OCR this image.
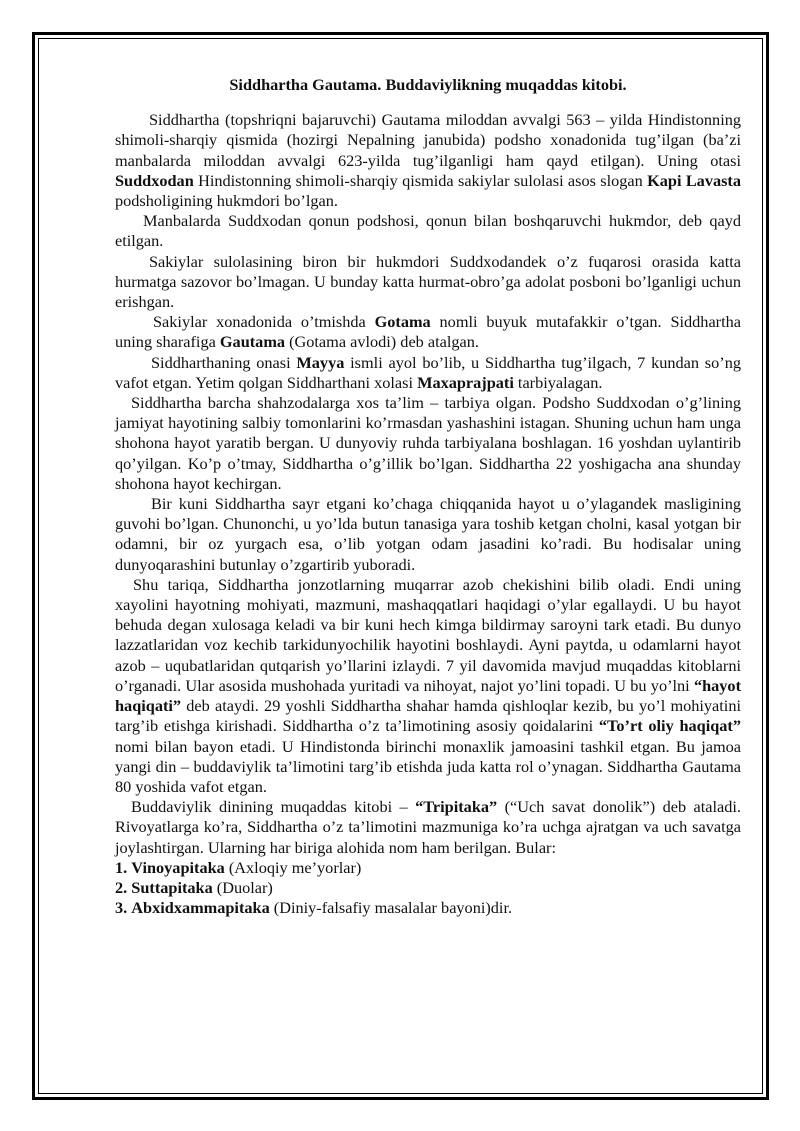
Siddhartha Gautama. Buddaviylikning muqaddas kitobi.

Siddhartha (topshriqni bajaruvchi) Gautama miloddan avvalgi 563 – yilda Hindistonning shimoli-sharqiy qismida (hozirgi Nepalning janubida) podsho xonadonida tug’ilgan (ba’zi manbalarda miloddan avvalgi 623-yilda tug’ilganligi ham qayd etilgan). Uning otasi Suddxodan Hindistonning shimoli-sharqiy qismida sakiylar sulolasi asos slogan Kapi Lavasta podsholigining hukmdori bo’lgan.

Manbalarda Suddxodan qonun podshosi, qonun bilan boshqaruvchi hukmdor, deb qayd etilgan.

Sakiylar sulolasining biron bir hukmdori Suddxodandek o’z fuqarosi orasida katta hurmatga sazovor bo’lmagan. U bunday katta hurmat-obro’ga adolat posboni bo’lganligi uchun erishgan.

Sakiylar xonadonida o’tmishda Gotama nomli buyuk mutafakkir o’tgan. Siddhartha uning sharafiga Gautama (Gotama avlodi) deb atalgan.

Siddharthaning onasi Mayya ismli ayol bo’lib, u Siddhartha tug’ilgach, 7 kundan so’ng vafot etgan. Yetim qolgan Siddharthani xolasi Maxaprajpati tarbiyalagan.

Siddhartha barcha shahzodalarga xos ta’lim – tarbiya olgan. Podsho Suddxodan o’g’lining jamiyat hayotining salbiy tomonlarini ko’rmasdan yashashini istagan. Shuning uchun ham unga shohona hayot yaratib bergan. U dunyoviy ruhda tarbiyalana boshlagan. 16 yoshdan uylantirib qo’yilgan. Ko’p o’tmay, Siddhartha o’g’illik bo’lgan. Siddhartha 22 yoshigacha ana shunday shohona hayot kechirgan.

Bir kuni Siddhartha sayr etgani ko’chaga chiqqanida hayot u o’ylagandek masligining guvohi bo’lgan. Chunonchi, u yo’lda butun tanasiga yara toshib ketgan cholni, kasal yotgan bir odamni, bir oz yurgach esa, o’lib yotgan odam jasadini ko’radi. Bu hodisalar uning dunyoqarashini butunlay o’zgartirib yuboradi.

Shu tariqa, Siddhartha jonzotlarning muqarrar azob chekishini bilib oladi. Endi uning xayolini hayotning mohiyati, mazmuni, mashaqqatlari haqidagi o’ylar egallaydi. U bu hayot behuda degan xulosaga keladi va bir kuni hech kimga bildirmay saroyni tark etadi. Bu dunyo lazzatlaridan voz kechib tarkidunyochilik hayotini boshlaydi. Ayni paytda, u odamlarni hayot azob – uqubatlaridan qutqarish yo’llarini izlaydi. 7 yil davomida mavjud muqaddas kitoblarni o’rganadi. Ular asosida mushohada yuritadi va nihoyat, najot yo’lini topadi. U bu yo’lni “hayot haqiqati” deb ataydi. 29 yoshli Siddhartha shahar hamda qishloqlar kezib, bu yo’l mohiyatini targ’ib etishga kirishadi. Siddhartha o’z ta’limotining asosiy qoidalarini “To’rt oliy haqiqat” nomi bilan bayon etadi. U Hindistonda birinchi monaxlik jamoasini tashkil etgan. Bu jamoa yangi din – buddaviylik ta’limotini targ’ib etishda juda katta rol o’ynagan. Siddhartha Gautama 80 yoshida vafot etgan.

Buddaviylik dinining muqaddas kitobi – “Tripitaka” (“Uch savat donolik”) deb ataladi. Rivoyatlarga ko’ra, Siddhartha o’z ta’limotini mazmuniga ko’ra uchga ajratgan va uch savatga joylashtirgan. Ularning har biriga alohida nom ham berilgan. Bular:

1. Vinoyapitaka (Axloqiy me’yorlar)
2. Suttapitaka (Duolar)
3. Abxidxammapitaka (Diniy-falsafiy masalalar bayoni)dir.
